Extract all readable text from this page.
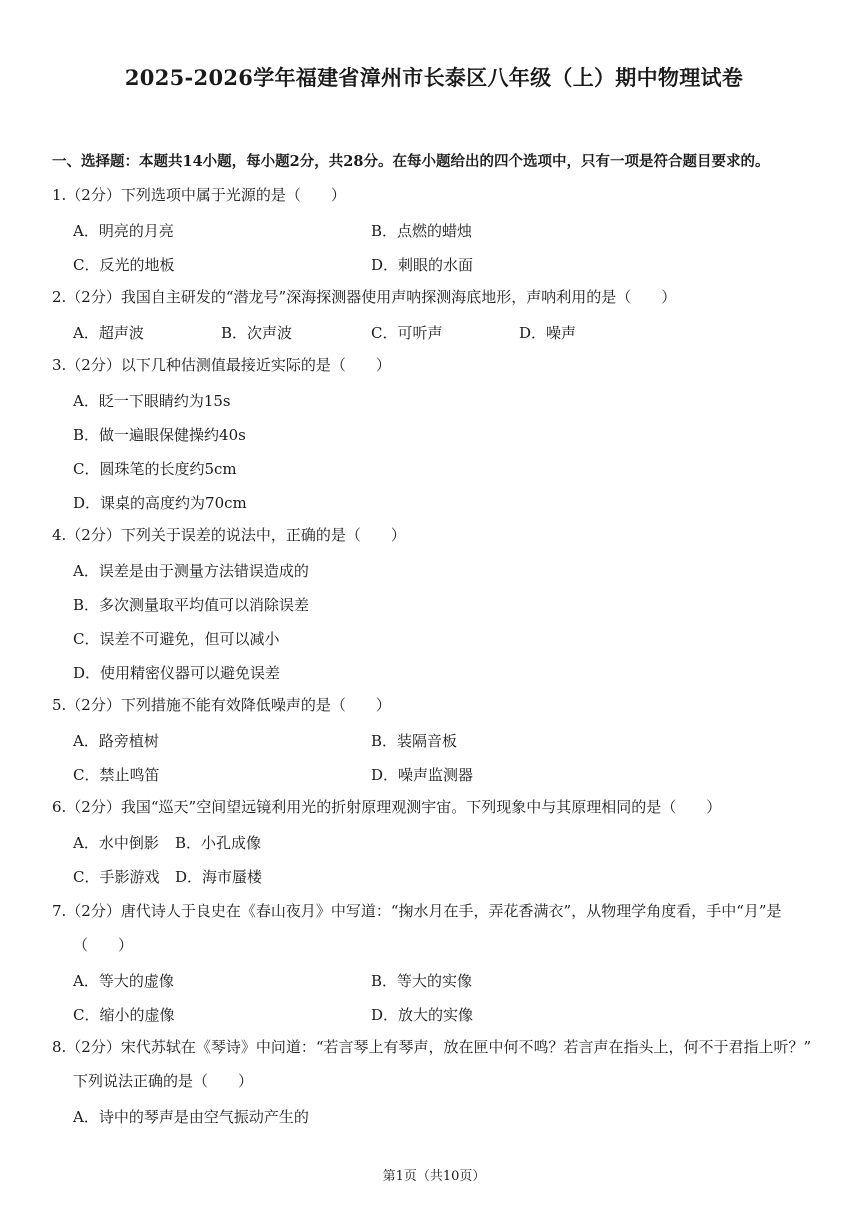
2025-2026学年福建省漳州市长泰区八年级（上）期中物理试卷
一、选择题：本题共14小题，每小题2分，共28分。在每小题给出的四个选项中，只有一项是符合题目要求的。
1.（2分）下列选项中属于光源的是（　　）
A．明亮的月亮	B．点燃的蜡烛
C．反光的地板	D．刺眼的水面
2.（2分）我国自主研发的“潜龙号”深海探测器使用声呐探测海底地形，声呐利用的是（　　）
A．超声波	B．次声波	C．可听声	D．噪声
3.（2分）以下几种估测值最接近实际的是（　　）
A．眨一下眼睛约为15s
B．做一遍眼保健操约40s
C．圆珠笔的长度约5cm
D．课桌的高度约为70cm
4.（2分）下列关于误差的说法中，正确的是（　　）
A．误差是由于测量方法错误造成的
B．多次测量取平均值可以消除误差
C．误差不可避免，但可以减小
D．使用精密仪器可以避免误差
5.（2分）下列措施不能有效降低噪声的是（　　）
A．路旁植树	B．装隔音板
C．禁止鸣笛	D．噪声监测器
6.（2分）我国“巡天”空间望远镜利用光的折射原理观测宇宙。下列现象中与其原理相同的是（　　）
A．水中倒影 B．小孔成像
C．手影游戏 D．海市蜃楼
7.（2分）唐代诗人于良史在《春山夜月》中写道：“掬水月在手，弄花香满衣”，从物理学角度看，手中“月”是
（　　）
A．等大的虚像	B．等大的实像
C．缩小的虚像	D．放大的实像
8.（2分）宋代苏轼在《琴诗》中问道：“若言琴上有琴声，放在匣中何不鸣？若言声在指头上，何不于君指上听？”
下列说法正确的是（　　）
A．诗中的琴声是由空气振动产生的
第1页（共10页）
